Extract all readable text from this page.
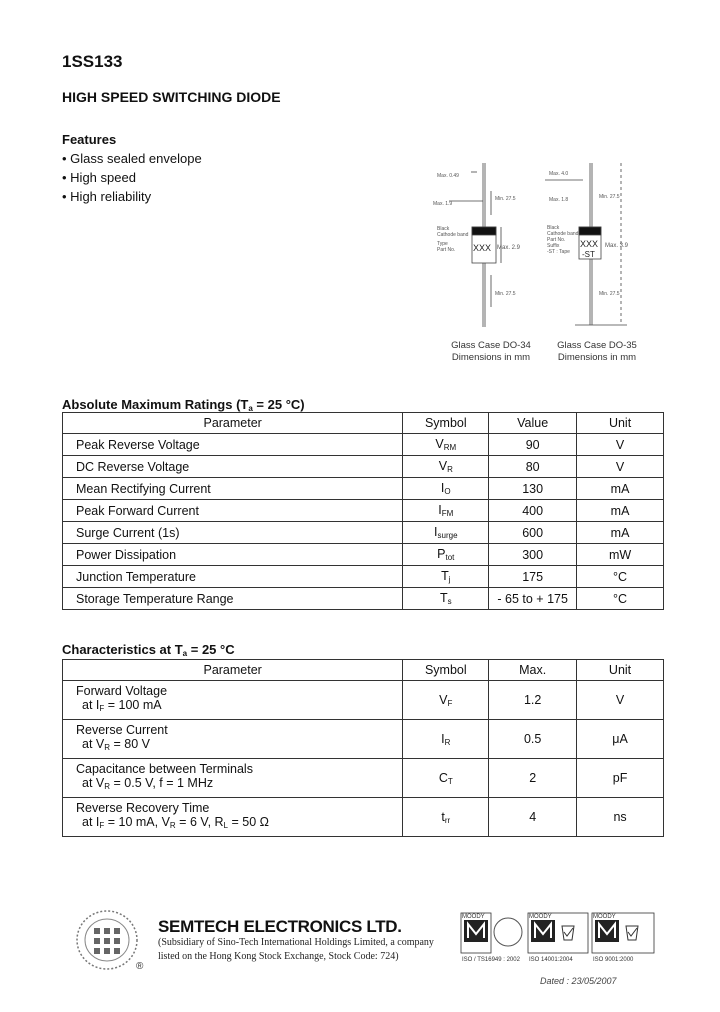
1SS133
HIGH SPEED SWITCHING DIODE
Features
• Glass sealed envelope
• High speed
• High reliability
Max. 0.49
Max. 1.9
Min. 27.5
Black
Cathode band
Type
Part No.
Min. 27.5
XXX Max. 2.9
Max. 4.0
Max. 1.8	Min. 27.5
Black
Cathode band
Part No.
Suffix
-ST : Tape
Min. 27.5
XXX
-ST
Max. 3.9
Glass Case DO-34
Dimensions in mm
Glass Case DO-35
Dimensions in mm
Absolute Maximum Ratings ($T_a = 25$ °C)
Parameter	Symbol	Value	Unit
Peak Reverse Voltage	$V_{RM}$	90	V
DC Reverse Voltage	$V_R$	80	V
Mean Rectifying Current	$I_O$	130	mA
Peak Forward Current	$I_{FM}$	400	mA
Surge Current (1s)	$I_{surge}$	600	mA
Power Dissipation	$P_{tot}$	300	mW
Junction Temperature	$T_j$	175	°C
Storage Temperature Range	$T_s$	- 65 to + 175	°C
Characteristics at $T_a = 25$ °C
Parameter	Symbol	Max.	Unit

Forward Voltage
at $I_F = 100$ mA	$V_F$	1.2	V

Reverse Current
at $V_R = 80$ V	$I_R$	0.5	μA

Capacitance between Terminals
at $V_R = 0.5$ V, f = 1 MHz	$C_T$	2	pF

Reverse Recovery Time
at $I_F = 10$ mA, $V_R = 6$ V, $R_L = 50$ Ω	$t_{rr}$	4	ns
®
SEMTECH ELECTRONICS LTD.
(Subsidiary of Sino-Tech International Holdings Limited, a company
listed on the Hong Kong Stock Exchange, Stock Code: 724)
MOODY	MOODY	MOODY
ISO / TS16949 : 2002 ISO 14001:2004	ISO 9001:2000
Dated : 23/05/2007
